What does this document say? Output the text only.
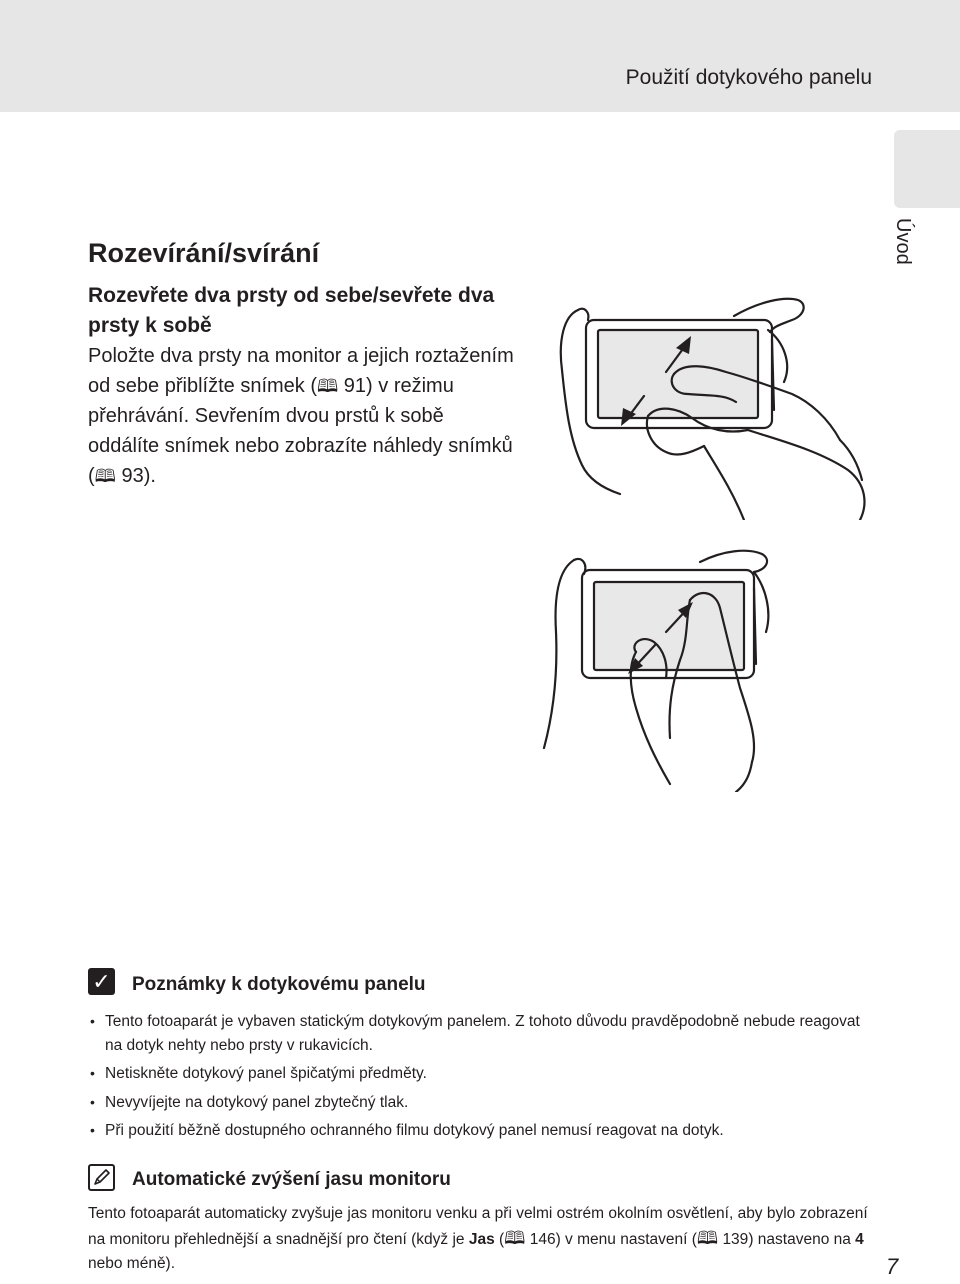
Použití dotykového panelu
Úvod
Rozevírání/svírání
Rozevřete dva prsty od sebe/sevřete dva prsty k sobě
Položte dva prsty na monitor a jejich roztažením od sebe přiblížte snímek (🕮 91) v režimu přehrávání. Sevřením dvou prstů k sobě oddálíte snímek nebo zobrazíte náhledy snímků (🕮 93).
✓ Poznámky k dotykovému panelu
• Tento fotoaparát je vybaven statickým dotykovým panelem. Z tohoto důvodu pravděpodobně nebude reagovat na dotyk nehty nebo prsty v rukavicích.
• Netiskněte dotykový panel špičatými předměty.
• Nevyvíjejte na dotykový panel zbytečný tlak.
• Při použití běžně dostupného ochranného filmu dotykový panel nemusí reagovat na dotyk.
Automatické zvýšení jasu monitoru
Tento fotoaparát automaticky zvyšuje jas monitoru venku a při velmi ostrém okolním osvětlení, aby bylo zobrazení na monitoru přehlednější a snadnější pro čtení (když je Jas (🕮 146) v menu nastavení (🕮 139) nastaveno na 4 nebo méně).	7
